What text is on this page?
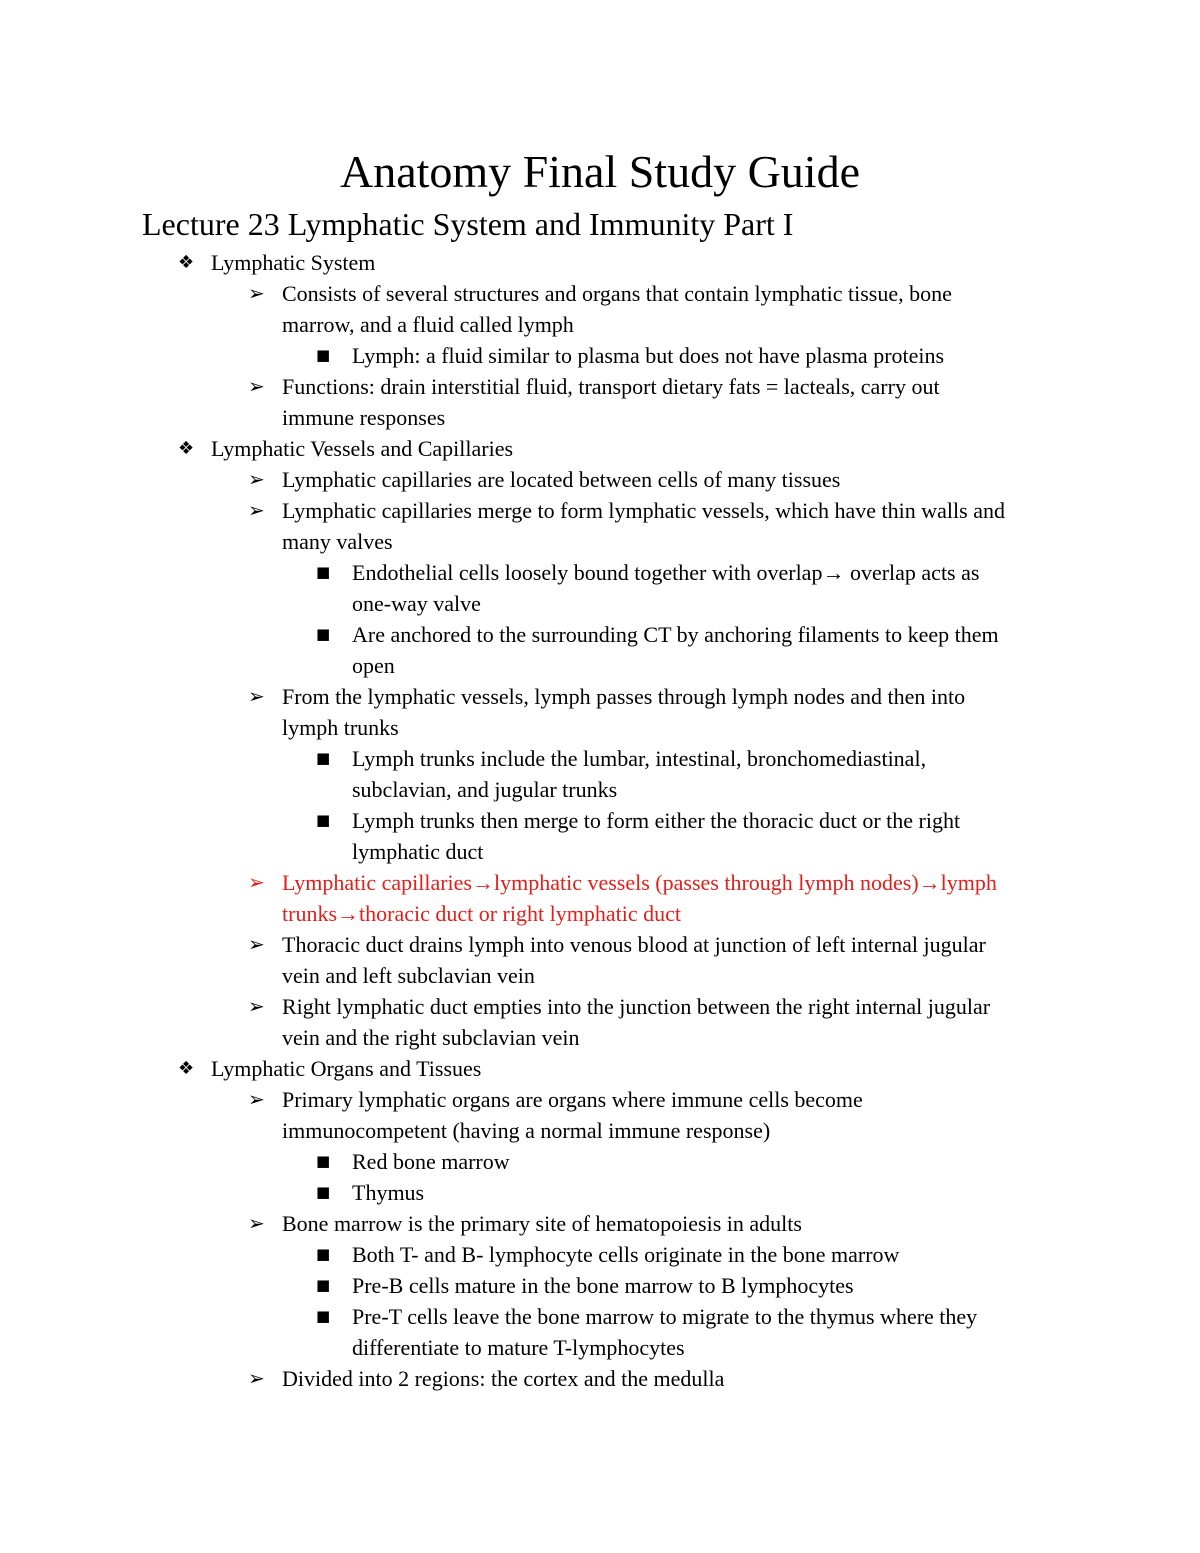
Anatomy Final Study Guide
Lecture 23 Lymphatic System and Immunity Part I
❖ Lymphatic System
➢ Consists of several structures and organs that contain lymphatic tissue, bone
marrow, and a fluid called lymph
■ Lymph: a fluid similar to plasma but does not have plasma proteins
➢ Functions: drain interstitial fluid, transport dietary fats = lacteals, carry out
immune responses
❖ Lymphatic Vessels and Capillaries
➢ Lymphatic capillaries are located between cells of many tissues
➢ Lymphatic capillaries merge to form lymphatic vessels, which have thin walls and
many valves
■ Endothelial cells loosely bound together with overlap→ overlap acts as
one-way valve
■ Are anchored to the surrounding CT by anchoring filaments to keep them
open
➢ From the lymphatic vessels, lymph passes through lymph nodes and then into
lymph trunks
■ Lymph trunks include the lumbar, intestinal, bronchomediastinal,
subclavian, and jugular trunks
■ Lymph trunks then merge to form either the thoracic duct or the right
lymphatic duct
➢ Lymphatic capillaries→lymphatic vessels (passes through lymph nodes)→lymph
trunks→thoracic duct or right lymphatic duct
➢ Thoracic duct drains lymph into venous blood at junction of left internal jugular
vein and left subclavian vein
➢ Right lymphatic duct empties into the junction between the right internal jugular
vein and the right subclavian vein
❖ Lymphatic Organs and Tissues
➢ Primary lymphatic organs are organs where immune cells become
immunocompetent (having a normal immune response)
■ Red bone marrow
■ Thymus
➢ Bone marrow is the primary site of hematopoiesis in adults
■ Both T- and B- lymphocyte cells originate in the bone marrow
■ Pre-B cells mature in the bone marrow to B lymphocytes
■ Pre-T cells leave the bone marrow to migrate to the thymus where they
differentiate to mature T-lymphocytes
➢ Divided into 2 regions: the cortex and the medulla
